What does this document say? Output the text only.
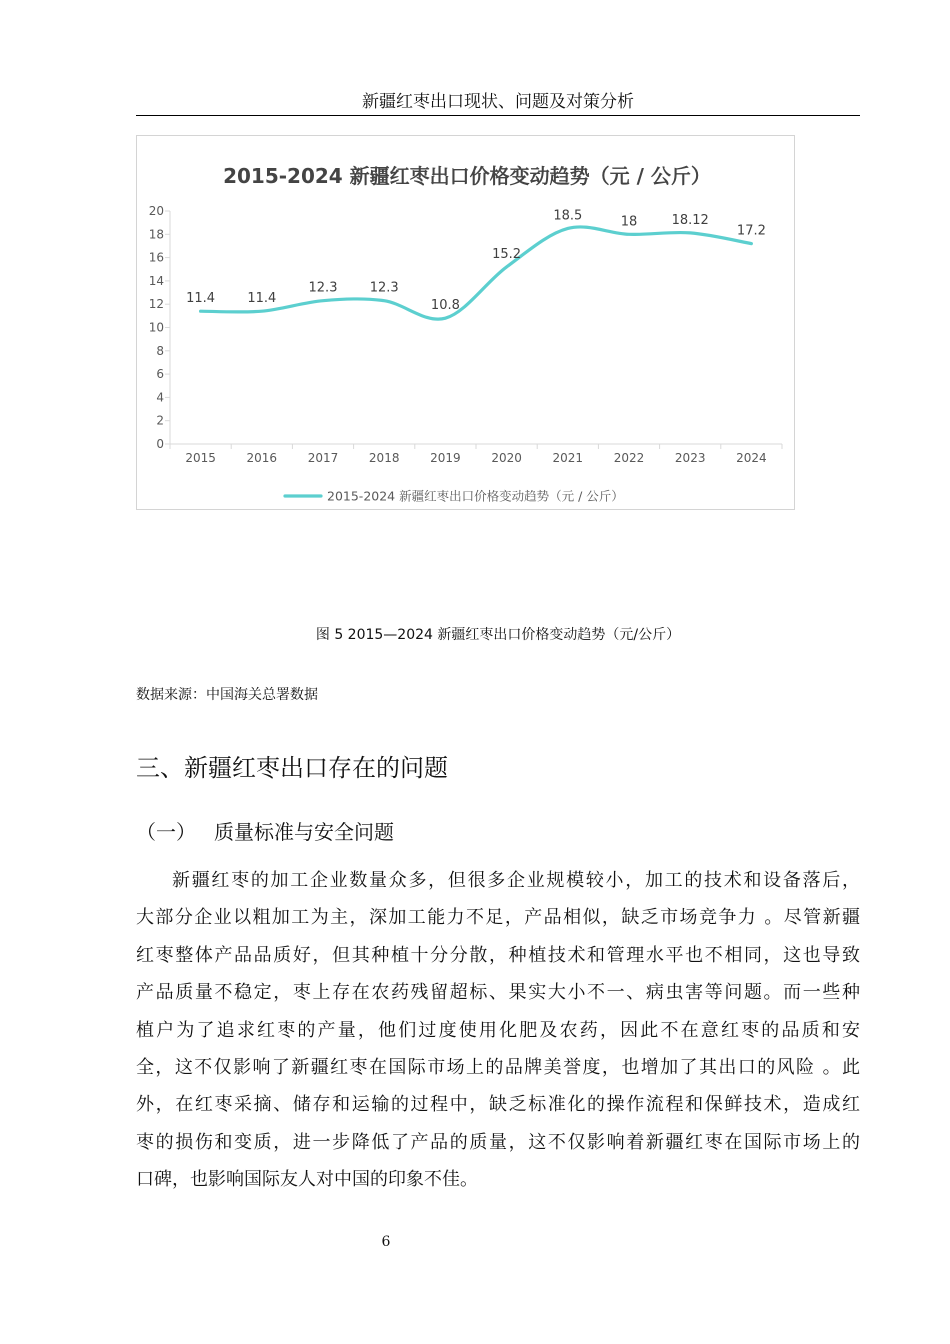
新疆红枣出口现状、问题及对策分析
2015-2024 新疆红枣出口价格变动趋势（元 / 公斤）
0
2
4
6
8
10
12
14
16
18
20
2015	2016	2017	2018	2019	2020	2021	2022	2023	2024
11.4 11.4
12.3 12.3
10.8
15.2
18.5	18	18.12
17.2
2015-2024 新疆红枣出口价格变动趋势（元 / 公斤）
图 5 2015—2024 新疆红枣出口价格变动趋势（元/公斤）
数据来源：中国海关总署数据
三、新疆红枣出口存在的问题
（一） 质量标准与安全问题
新疆红枣的加工企业数量众多，但很多企业规模较小，加工的技术和设备落后，
大部分企业以粗加工为主，深加工能力不足，产品相似，缺乏市场竞争力 。尽管新疆
红枣整体产品品质好，但其种植十分分散，种植技术和管理水平也不相同，这也导致
产品质量不稳定，枣上存在农药残留超标、果实大小不一、病虫害等问题。而一些种
植户为了追求红枣的产量，他们过度使用化肥及农药，因此不在意红枣的品质和安
全，这不仅影响了新疆红枣在国际市场上的品牌美誉度，也增加了其出口的风险 。此
外，在红枣采摘、储存和运输的过程中，缺乏标准化的操作流程和保鲜技术，造成红
枣的损伤和变质，进一步降低了产品的质量，这不仅影响着新疆红枣在国际市场上的
口碑，也影响国际友人对中国的印象不佳。
6
